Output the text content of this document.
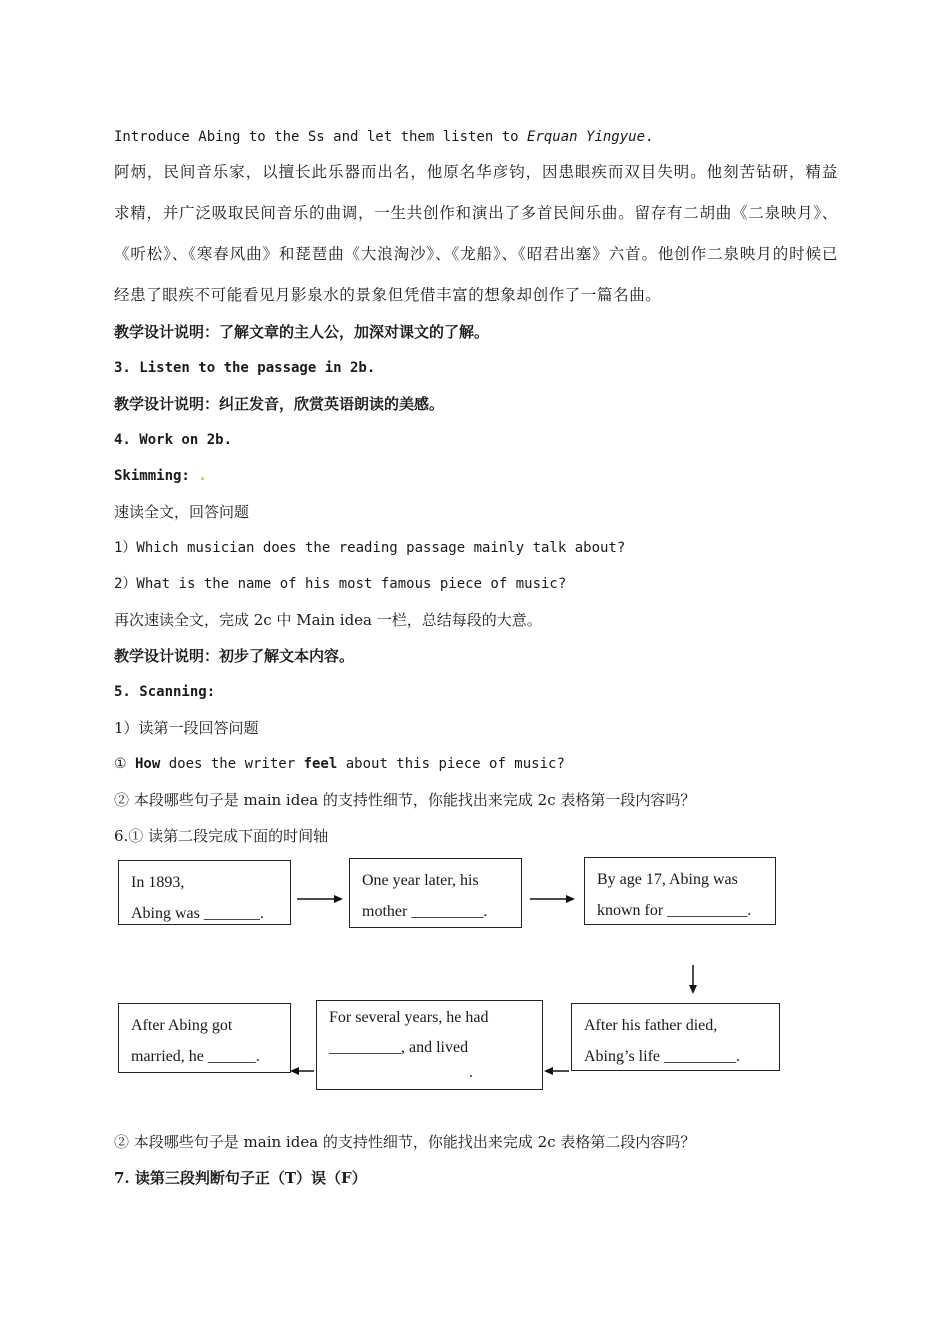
Introduce Abing to the Ss and let them listen to Erquan Yingyue.
阿炳，民间音乐家，以擅长此乐器而出名，他原名华彦钧，因患眼疾而双目失明。他刻苦钻研，精益求精，并广泛吸取民间音乐的曲调，一生共创作和演出了多首民间乐曲。留存有二胡曲《二泉映月》、《听松》、《寒春风曲》和琵琶曲《大浪淘沙》、《龙船》、《昭君出塞》六首。他创作二泉映月的时候已经患了眼疾不可能看见月影泉水的景象但凭借丰富的想象却创作了一篇名曲。
教学设计说明：了解文章的主人公，加深对课文的了解。
3. Listen to the passage in 2b.
教学设计说明：纠正发音，欣赏英语朗读的美感。
4. Work on 2b.
Skimming: .
速读全文，回答问题
1）Which musician does the reading passage mainly talk about?
2）What is the name of his most famous piece of music?
再次速读全文，完成 2c 中 Main idea 一栏，总结每段的大意。
教学设计说明：初步了解文本内容。
5. Scanning:
1）读第一段回答问题
① How does the writer feel about this piece of music?
② 本段哪些句子是 main idea 的支持性细节，你能找出来完成 2c 表格第一段内容吗？
6.① 读第二段完成下面的时间轴
In 1893,
Abing was _______.
One year later, his
mother _________.
By age 17, Abing was
known for __________.
After his father died,
Abing’s life _________.
For several years, he had
_________, and lived
.
After Abing got
married, he ______.
② 本段哪些句子是 main idea 的支持性细节，你能找出来完成 2c 表格第二段内容吗？
7. 读第三段判断句子正（T）误（F）
